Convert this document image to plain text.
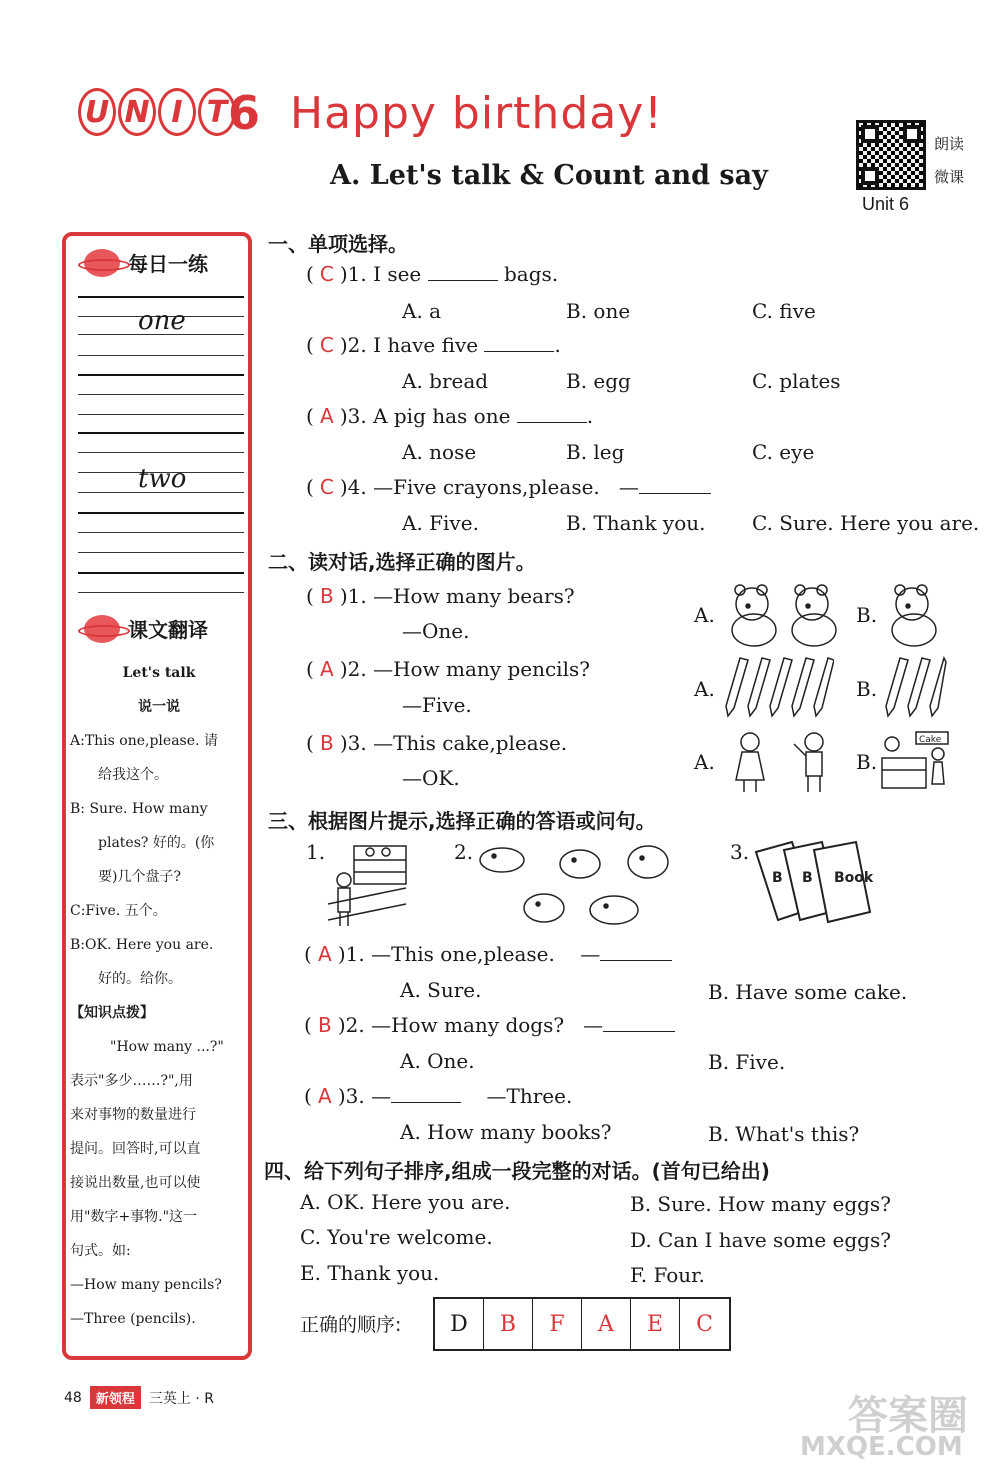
U N I T 6 Happy birthday!
朗读
微课
Unit 6
A. Let's talk & Count and say
每日一练
one
two
课文翻译
Let's talk
说一说
A:This one,please. 请
给我这个。
B: Sure. How many
plates? 好的。(你
要)几个盘子?
C:Five. 五个。
B:OK. Here you are.
好的。给你。
【知识点拨】
"How many ...?"
表示"多少……?",用
来对事物的数量进行
提问。回答时,可以直
接说出数量,也可以使
用"数字+事物."这一
句式。如:
—How many pencils?
—Three (pencils).
一、单项选择。
( C )1. I see	bags.
A. a	B. one	C. five
( C )2. I have five	.
A. bread	B. egg	C. plates
( A )3. A pig has one	.
A. nose	B. leg	C. eye
( C )4. —Five crayons,please. —
A. Five.	B. Thank you. C. Sure. Here you are.
二、读对话,选择正确的图片。
( B )1. —How many bears?
—One.
A.	B.
( A )2. —How many pencils?
—Five.
A.	B.
( B )3. —This cake,please.
—OK.
A.	B.
Cake
三、根据图片提示,选择正确的答语或问句。
1.	2.	3.
B B Book
( A )1. —This one,please. —
A. Sure.	B. Have some cake.
( B )2. —How many dogs? —
A. One.	B. Five.
( A )3. —	—Three.
A. How many books?	B. What's this?
四、给下列句子排序,组成一段完整的对话。(首句已给出)
A. OK. Here you are.	B. Sure. How many eggs?
C. You're welcome.	D. Can I have some eggs?
E. Thank you.	F. Four.
正确的顺序:	D	B	F	A	E	C
48	新领程	三英上 · R	答案圈
MXQE.COM
